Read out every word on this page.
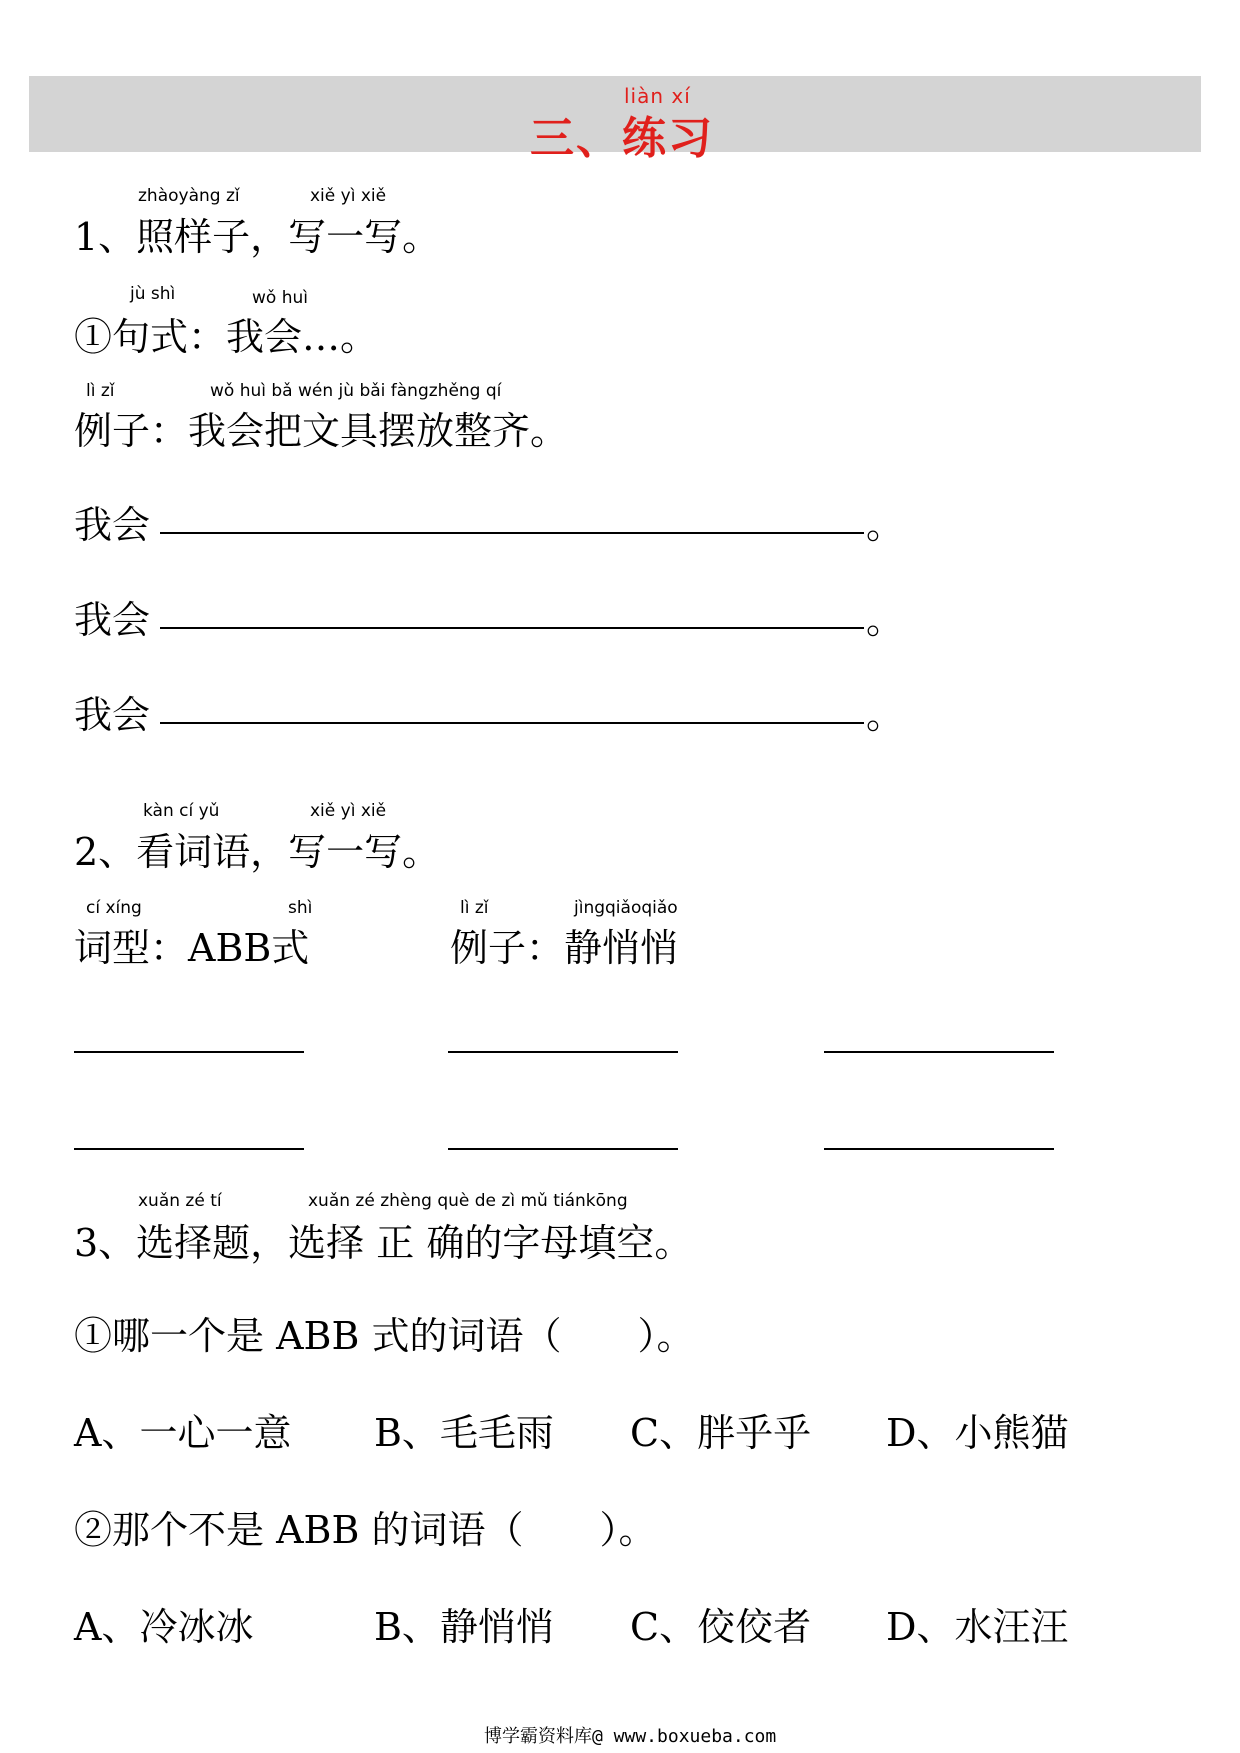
liàn xí
三、练习
zhàoyàng zǐ	xiě yì xiě
1、照样子，写一写。
jù shì	wǒ huì
①句式：我会…。
lì zǐ	wǒ huì bǎ wén jù bǎi fàngzhěng qí
例子：我会把文具摆放整齐。
我会	。
我会	。
我会	。
kàn cí yǔ	xiě yì xiě
2、看词语，写一写。
cí xíng	shì
词型：ABB式
lì zǐ	jìngqiǎoqiǎo
例子：静悄悄
xuǎn zé tí	xuǎn zé zhèng què de zì mǔ tiánkōng
3、选择题，选择 正 确的字母填空。
①哪一个是 ABB 式的词语（　　）。
A、一心一意 B、毛毛雨 C、胖乎乎 D、小熊猫
②那个不是 ABB 的词语（　　）。
A、冷冰冰	B、静悄悄 C、佼佼者 D、水汪汪
博学霸资料库@ www.boxueba.com
